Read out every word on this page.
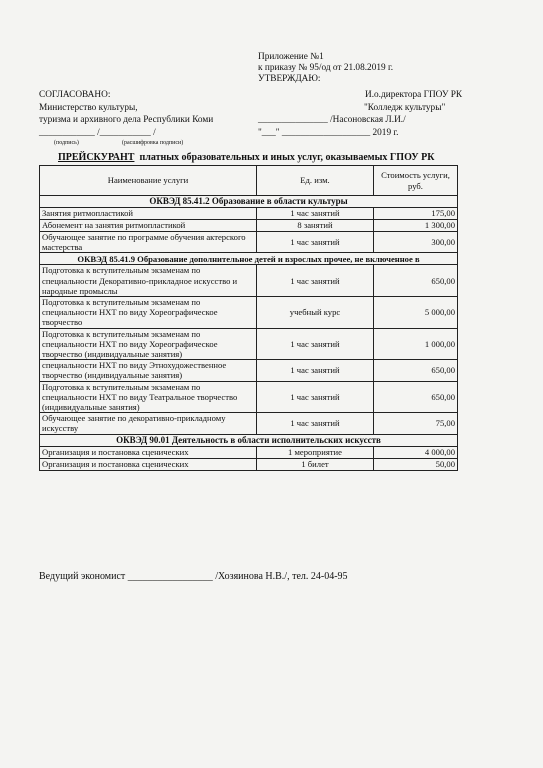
Приложение №1
к приказу № 95/од от 21.08.2019 г.
УТВЕРЖДАЮ:
СОГЛАСОВАНО:
Министерство культуры,
туризма и архивного дела Республики Коми
____________ /___________ /
(подпись)	(расшифровка подписи)
И.о.директора ГПОУ РК
"Колледж культуры"
_______________ /Насоновская Л.И./
"___" ___________________ 2019 г.
ПРЕЙСКУРАНТ платных образовательных и иных услуг, оказываемых ГПОУ РК
Наименование услуги	Ед. изм.	Стоимость услуги, руб.
ОКВЭД 85.41.2 Образование в области культуры		
Занятия ритмопластикой	1 час занятий	175,00
Абонемент на занятия ритмопластикой	8 занятий	1 300,00
Обучающее занятие по программе обучения актерского мастерства	1 час занятий	300,00
ОКВЭД 85.41.9 Образование дополнительное детей и взрослых прочее, не включенное в		
Подготовка к вступительным экзаменам по специальности Декоративно-прикладное искусство и народные промыслы	1 час занятий	650,00
Подготовка к вступительным экзаменам по специальности НХТ по виду Хореографическое творчество	учебный курс	5 000,00
Подготовка к вступительным экзаменам по специальности НХТ по виду Хореографическое творчество (индивидуальные занятия)	1 час занятий	1 000,00
специальности НХТ по виду Этнохудожественное творчество (индивидуальные занятия)	1 час занятий	650,00
Подготовка к вступительным экзаменам по специальности НХТ по виду Театральное творчество (индивидуальные занятия)	1 час занятий	650,00
Обучающее занятие по декоративно-прикладному искусству	1 час занятий	75,00
ОКВЭД 90.01 Деятельность в области исполнительских искусств		
Организация и постановка сценических	1 мероприятие	4 000,00
Организация и постановка сценических	1 билет	50,00
Ведущий экономист _________________ /Хозяинова Н.В./, тел. 24-04-95
